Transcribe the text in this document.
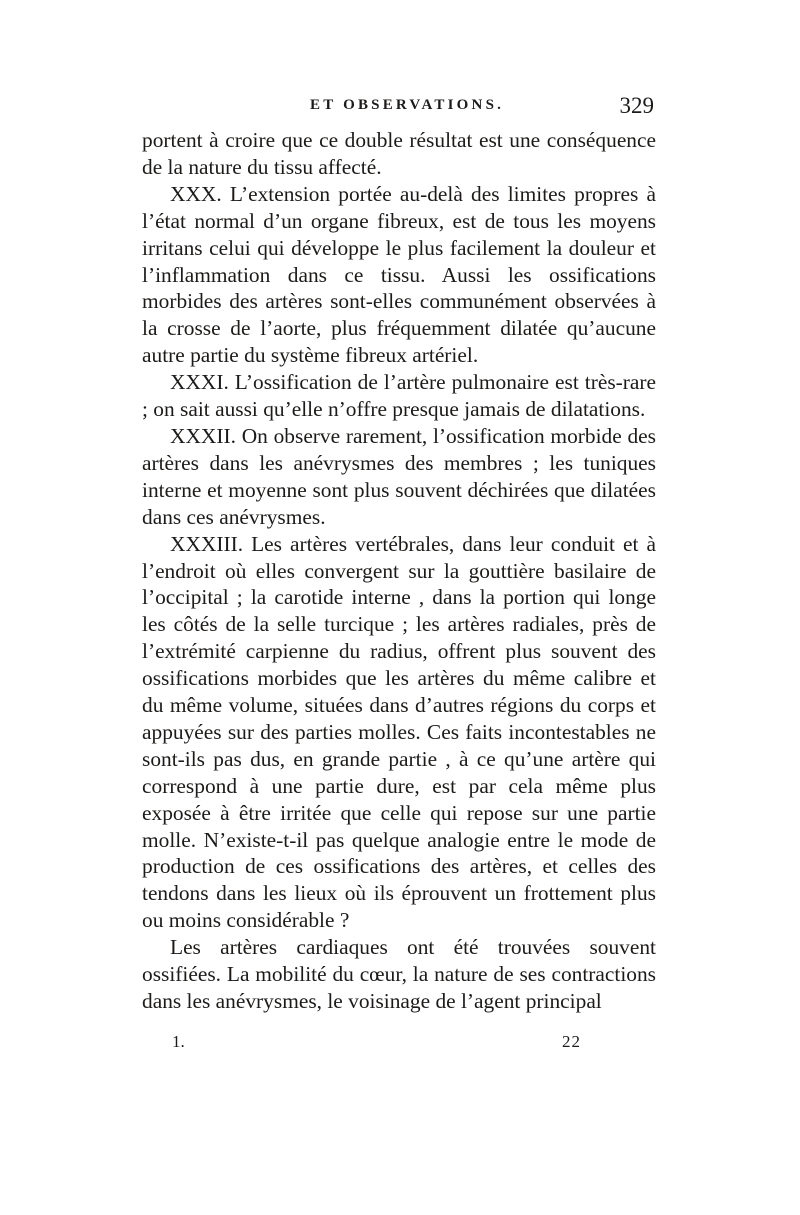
ET OBSERVATIONS.	329

portent à croire que ce double résultat est une conséquence de la nature du tissu affecté.

XXX. L’extension portée au-delà des limites propres à l’état normal d’un organe fibreux, est de tous les moyens irritans celui qui développe le plus facilement la douleur et l’inflammation dans ce tissu. Aussi les ossifications morbides des artères sont-elles communément observées à la crosse de l’aorte, plus fréquemment dilatée qu’aucune autre partie du système fibreux artériel.

XXXI. L’ossification de l’artère pulmonaire est très-rare ; on sait aussi qu’elle n’offre presque jamais de dilatations.

XXXII. On observe rarement, l’ossification morbide des artères dans les anévrysmes des membres ; les tuniques interne et moyenne sont plus souvent déchirées que dilatées dans ces anévrysmes.

XXXIII. Les artères vertébrales, dans leur conduit et à l’endroit où elles convergent sur la gouttière basilaire de l’occipital ; la carotide interne , dans la portion qui longe les côtés de la selle turcique ; les artères radiales, près de l’extrémité carpienne du radius, offrent plus souvent des ossifications morbides que les artères du même calibre et du même volume, situées dans d’autres régions du corps et appuyées sur des parties molles. Ces faits incontestables ne sont-ils pas dus, en grande partie , à ce qu’une artère qui correspond à une partie dure, est par cela même plus exposée à être irritée que celle qui repose sur une partie molle. N’existe-t-il pas quelque analogie entre le mode de production de ces ossifications des artères, et celles des tendons dans les lieux où ils éprouvent un frottement plus ou moins considérable ?

Les artères cardiaques ont été trouvées souvent ossifiées. La mobilité du cœur, la nature de ses contractions dans les anévrysmes, le voisinage de l’agent principal

1.	22
